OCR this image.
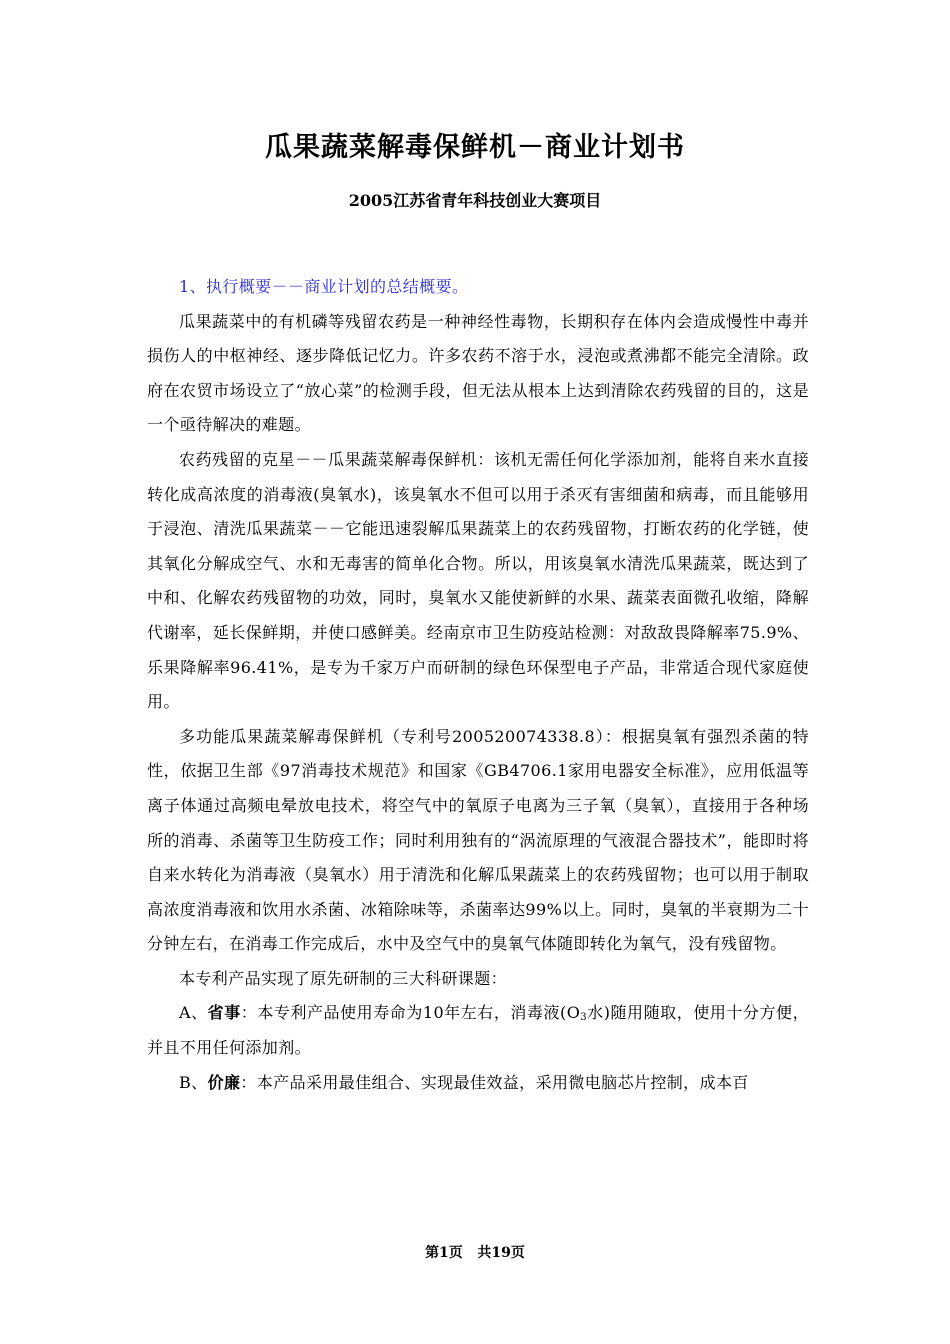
瓜果蔬菜解毒保鲜机－商业计划书
2005江苏省青年科技创业大赛项目

1、执行概要－－商业计划的总结概要。

瓜果蔬菜中的有机磷等残留农药是一种神经性毒物，长期积存在体内会造成慢性中毒并损伤人的中枢神经、逐步降低记忆力。许多农药不溶于水，浸泡或煮沸都不能完全清除。政府在农贸市场设立了“放心菜”的检测手段，但无法从根本上达到清除农药残留的目的，这是一个亟待解决的难题。

农药残留的克星－－瓜果蔬菜解毒保鲜机：该机无需任何化学添加剂，能将自来水直接转化成高浓度的消毒液(臭氧水)，该臭氧水不但可以用于杀灭有害细菌和病毒，而且能够用于浸泡、清洗瓜果蔬菜－－它能迅速裂解瓜果蔬菜上的农药残留物，打断农药的化学链，使其氧化分解成空气、水和无毒害的简单化合物。所以，用该臭氧水清洗瓜果蔬菜，既达到了中和、化解农药残留物的功效，同时，臭氧水又能使新鲜的水果、蔬菜表面微孔收缩，降解代谢率，延长保鲜期，并使口感鲜美。经南京市卫生防疫站检测：对敌敌畏降解率75.9%、乐果降解率96.41%，是专为千家万户而研制的绿色环保型电子产品，非常适合现代家庭使用。

多功能瓜果蔬菜解毒保鲜机（专利号200520074338.8）：根据臭氧有强烈杀菌的特性，依据卫生部《97消毒技术规范》和国家《GB4706.1家用电器安全标准》，应用低温等离子体通过高频电晕放电技术，将空气中的氧原子电离为三子氧（臭氧），直接用于各种场所的消毒、杀菌等卫生防疫工作；同时利用独有的“涡流原理的气液混合器技术”，能即时将自来水转化为消毒液（臭氧水）用于清洗和化解瓜果蔬菜上的农药残留物；也可以用于制取高浓度消毒液和饮用水杀菌、冰箱除味等，杀菌率达99%以上。同时，臭氧的半衰期为二十分钟左右，在消毒工作完成后，水中及空气中的臭氧气体随即转化为氧气，没有残留物。

本专利产品实现了原先研制的三大科研课题：

A、省事：本专利产品使用寿命为10年左右，消毒液($O_3$水)随用随取，使用十分方便，并且不用任何添加剂。

B、价廉：本产品采用最佳组合、实现最佳效益，采用微电脑芯片控制，成本百

第1页   共19页
